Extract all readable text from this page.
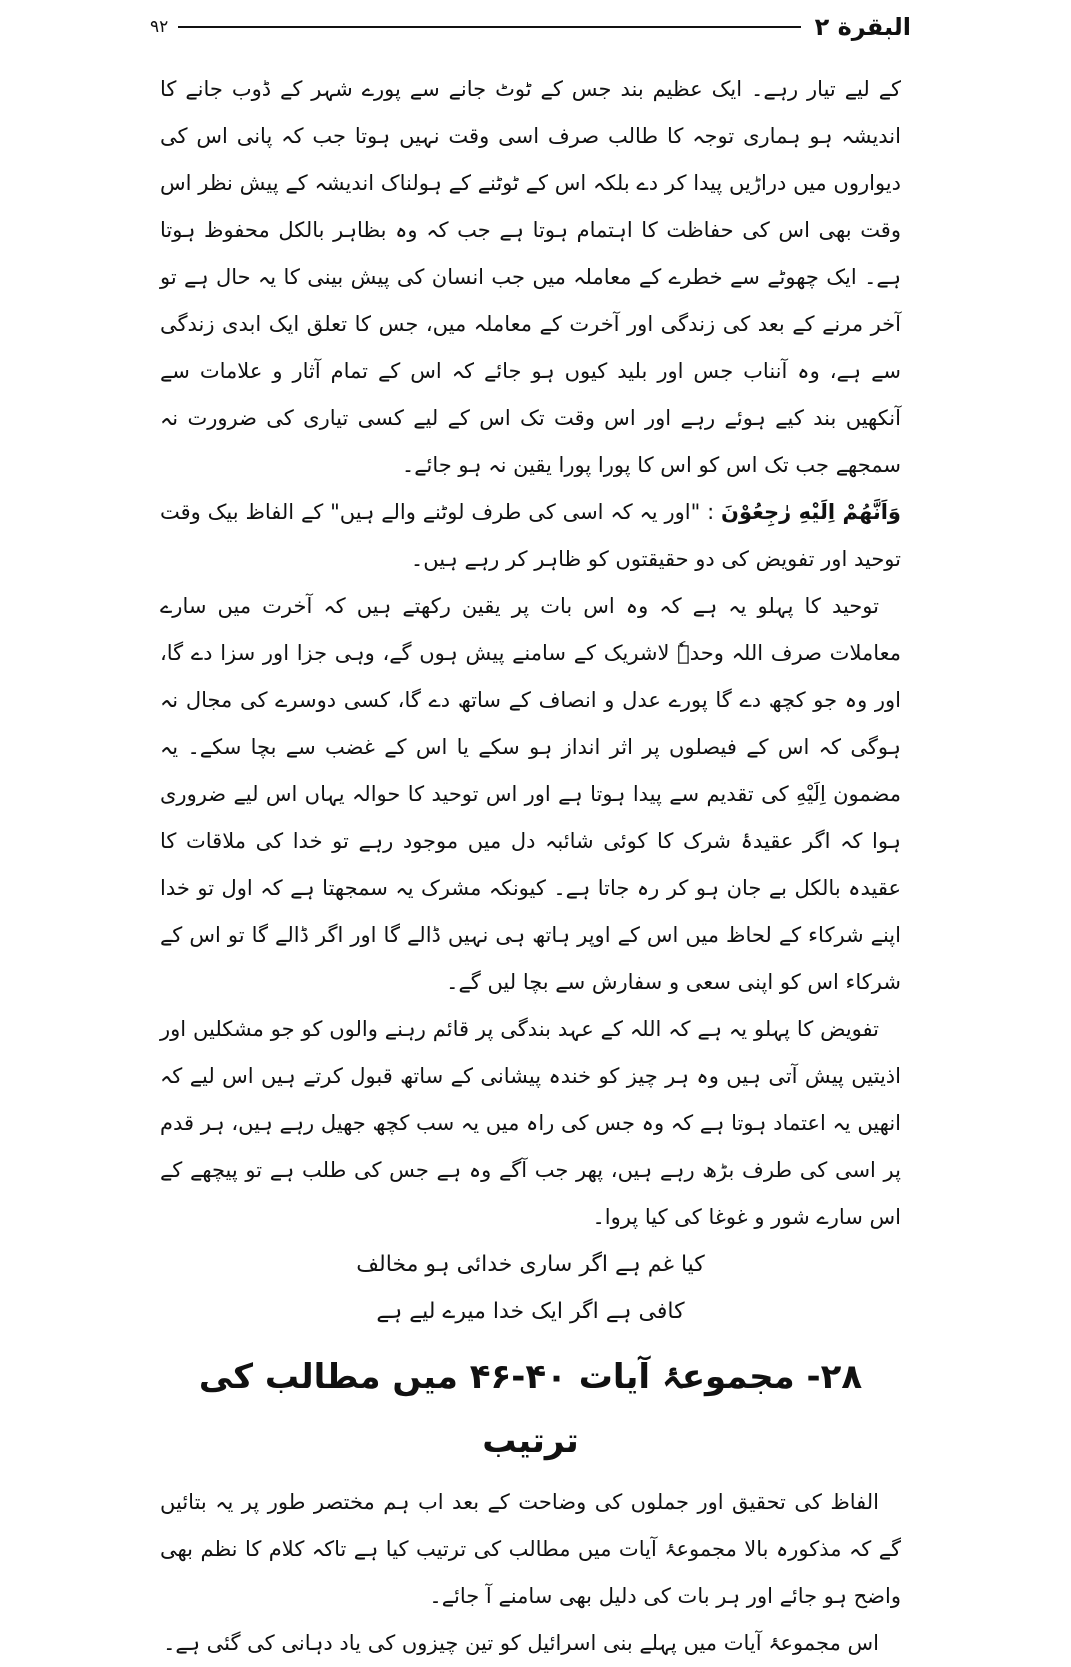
البقرة ۲
۹۲

کے لیے تیار رہے۔ ایک عظیم بند جس کے ٹوٹ جانے سے پورے شہر کے ڈوب جانے کا اندیشہ ہو ہماری توجہ کا طالب صرف اسی وقت نہیں ہوتا جب کہ پانی اس کی دیواروں میں دراڑیں پیدا کر دے بلکہ اس کے ٹوٹنے کے ہولناک اندیشہ کے پیش نظر اس وقت بھی اس کی حفاظت کا اہتمام ہوتا ہے جب کہ وہ بظاہر بالکل محفوظ ہوتا ہے۔ ایک چھوٹے سے خطرے کے معاملہ میں جب انسان کی پیش بینی کا یہ حال ہے تو آخر مرنے کے بعد کی زندگی اور آخرت کے معاملہ میں، جس کا تعلق ایک ابدی زندگی سے ہے، وہ آنناب جس اور بلید کیوں ہو جائے کہ اس کے تمام آثار و علامات سے آنکھیں بند کیے ہوئے رہے اور اس وقت تک اس کے لیے کسی تیاری کی ضرورت نہ سمجھے جب تک اس کو اس کا پورا پورا یقین نہ ہو جائے۔

وَاَنَّهُمْ اِلَيْهِ رٰجِعُوْنَ : "اور یہ کہ اسی کی طرف لوٹنے والے ہیں" کے الفاظ بیک وقت توحید اور تفویض کی دو حقیقتوں کو ظاہر کر رہے ہیں۔

توحید کا پہلو یہ ہے کہ وہ اس بات پر یقین رکھتے ہیں کہ آخرت میں سارے معاملات صرف اللہ وحدہٗ لاشریک کے سامنے پیش ہوں گے، وہی جزا اور سزا دے گا، اور وہ جو کچھ دے گا پورے عدل و انصاف کے ساتھ دے گا، کسی دوسرے کی مجال نہ ہوگی کہ اس کے فیصلوں پر اثر انداز ہو سکے یا اس کے غضب سے بچا سکے۔ یہ مضمون اِلَيْهِ کی تقدیم سے پیدا ہوتا ہے اور اس توحید کا حوالہ یہاں اس لیے ضروری ہوا کہ اگر عقیدۂ شرک کا کوئی شائبہ دل میں موجود رہے تو خدا کی ملاقات کا عقیدہ بالکل بے جان ہو کر رہ جاتا ہے۔ کیونکہ مشرک یہ سمجھتا ہے کہ اول تو خدا اپنے شرکاء کے لحاظ میں اس کے اوپر ہاتھ ہی نہیں ڈالے گا اور اگر ڈالے گا تو اس کے شرکاء اس کو اپنی سعی و سفارش سے بچا لیں گے۔

تفویض کا پہلو یہ ہے کہ اللہ کے عہد بندگی پر قائم رہنے والوں کو جو مشکلیں اور اذیتیں پیش آتی ہیں وہ ہر چیز کو خندہ پیشانی کے ساتھ قبول کرتے ہیں اس لیے کہ انھیں یہ اعتماد ہوتا ہے کہ وہ جس کی راہ میں یہ سب کچھ جھیل رہے ہیں، ہر قدم پر اسی کی طرف بڑھ رہے ہیں، پھر جب آگے وہ ہے جس کی طلب ہے تو پیچھے کے اس سارے شور و غوغا کی کیا پروا۔

کیا غم ہے اگر ساری خدائی ہو مخالف
کافی ہے اگر ایک خدا میرے لیے ہے
۲۸- مجموعۂ آیات ۴۰-۴۶ میں مطالب کی ترتیب

الفاظ کی تحقیق اور جملوں کی وضاحت کے بعد اب ہم مختصر طور پر یہ بتائیں گے کہ مذکورہ بالا مجموعۂ آیات میں مطالب کی ترتیب کیا ہے تاکہ کلام کا نظم بھی واضح ہو جائے اور ہر بات کی دلیل بھی سامنے آ جائے۔

اس مجموعۂ آیات میں پہلے بنی اسرائیل کو تین چیزوں کی یاد دہانی کی گئی ہے۔
